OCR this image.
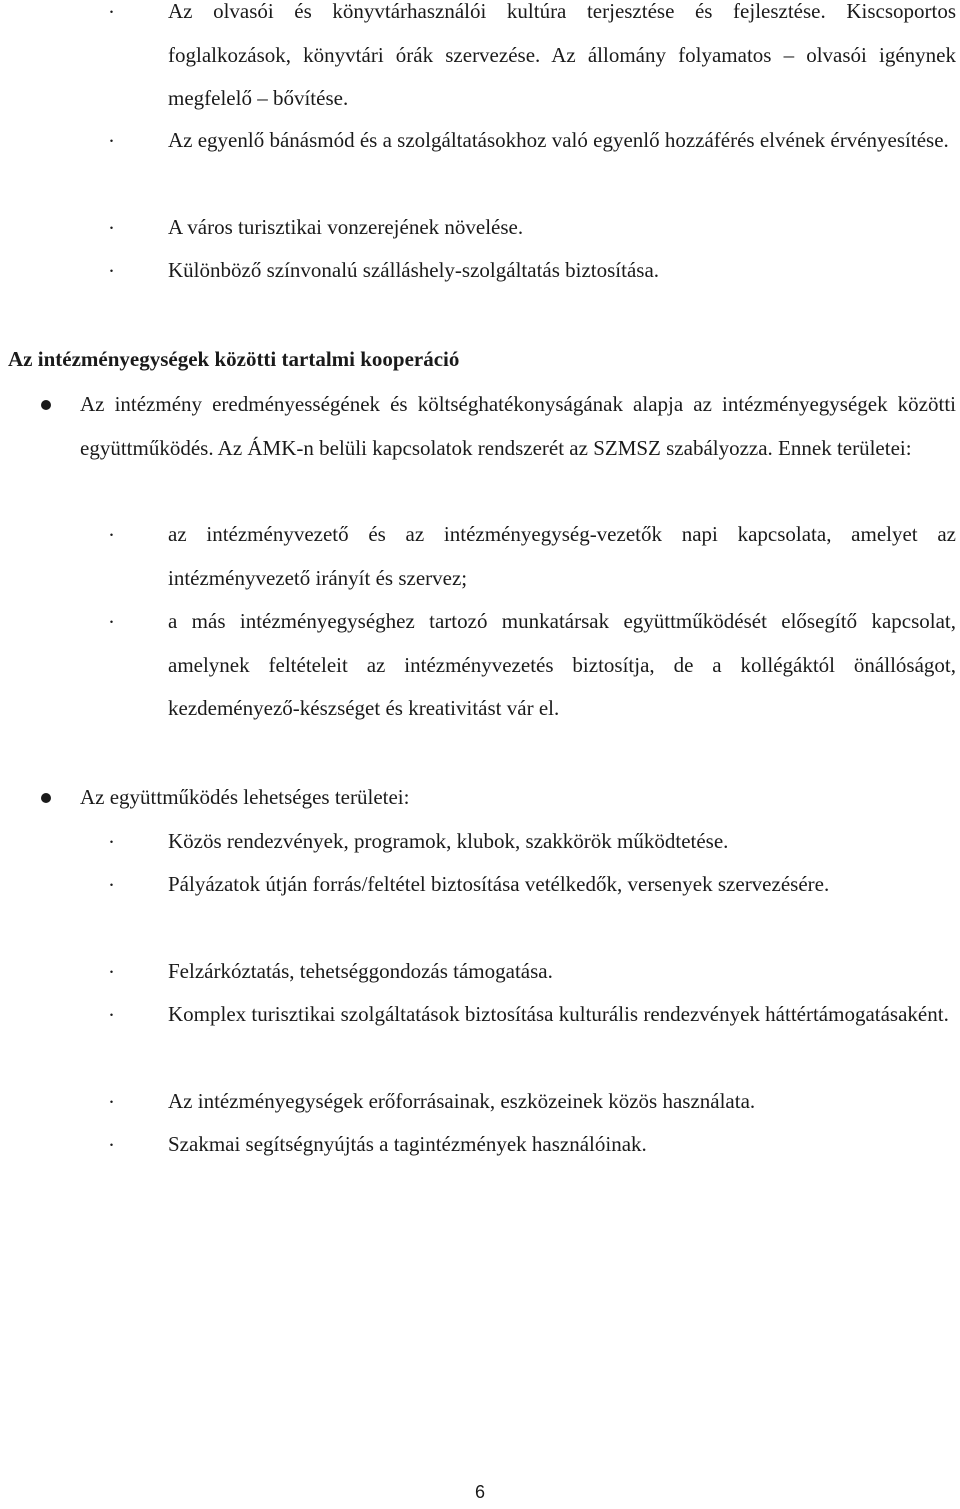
·	Az olvasói és könyvtárhasználói kultúra terjesztése és fejlesztése. Kiscsoportos foglalkozások, könyvtári órák szervezése. Az állomány folyamatos – olvasói igénynek megfelelő – bővítése.
·	Az egyenlő bánásmód és a szolgáltatásokhoz való egyenlő hozzáférés elvének érvényesítése.
·	A város turisztikai vonzerejének növelése.
·	Különböző színvonalú szálláshely-szolgáltatás biztosítása.
Az intézményegységek közötti tartalmi kooperáció
Az intézmény eredményességének és költséghatékonyságának alapja az intézményegységek közötti együttműködés. Az ÁMK-n belüli kapcsolatok rendszerét az SZMSZ szabályozza. Ennek területei:
·	az intézményvezető és az intézményegység-vezetők napi kapcsolata, amelyet az intézményvezető irányít és szervez;
·	a más intézményegységhez tartozó munkatársak együttműködését elősegítő kapcsolat, amelynek feltételeit az intézményvezetés biztosítja, de a kollégáktól önállóságot, kezdeményező-készséget és kreativitást vár el.
Az együttműködés lehetséges területei:
·	Közös rendezvények, programok, klubok, szakkörök működtetése.
·	Pályázatok útján forrás/feltétel biztosítása vetélkedők, versenyek szervezésére.
·	Felzárkóztatás, tehetséggondozás támogatása.
·	Komplex turisztikai szolgáltatások biztosítása kulturális rendezvények háttértámogatásaként.
·	Az intézményegységek erőforrásainak, eszközeinek közös használata.
·	Szakmai segítségnyújtás a tagintézmények használóinak.
6
